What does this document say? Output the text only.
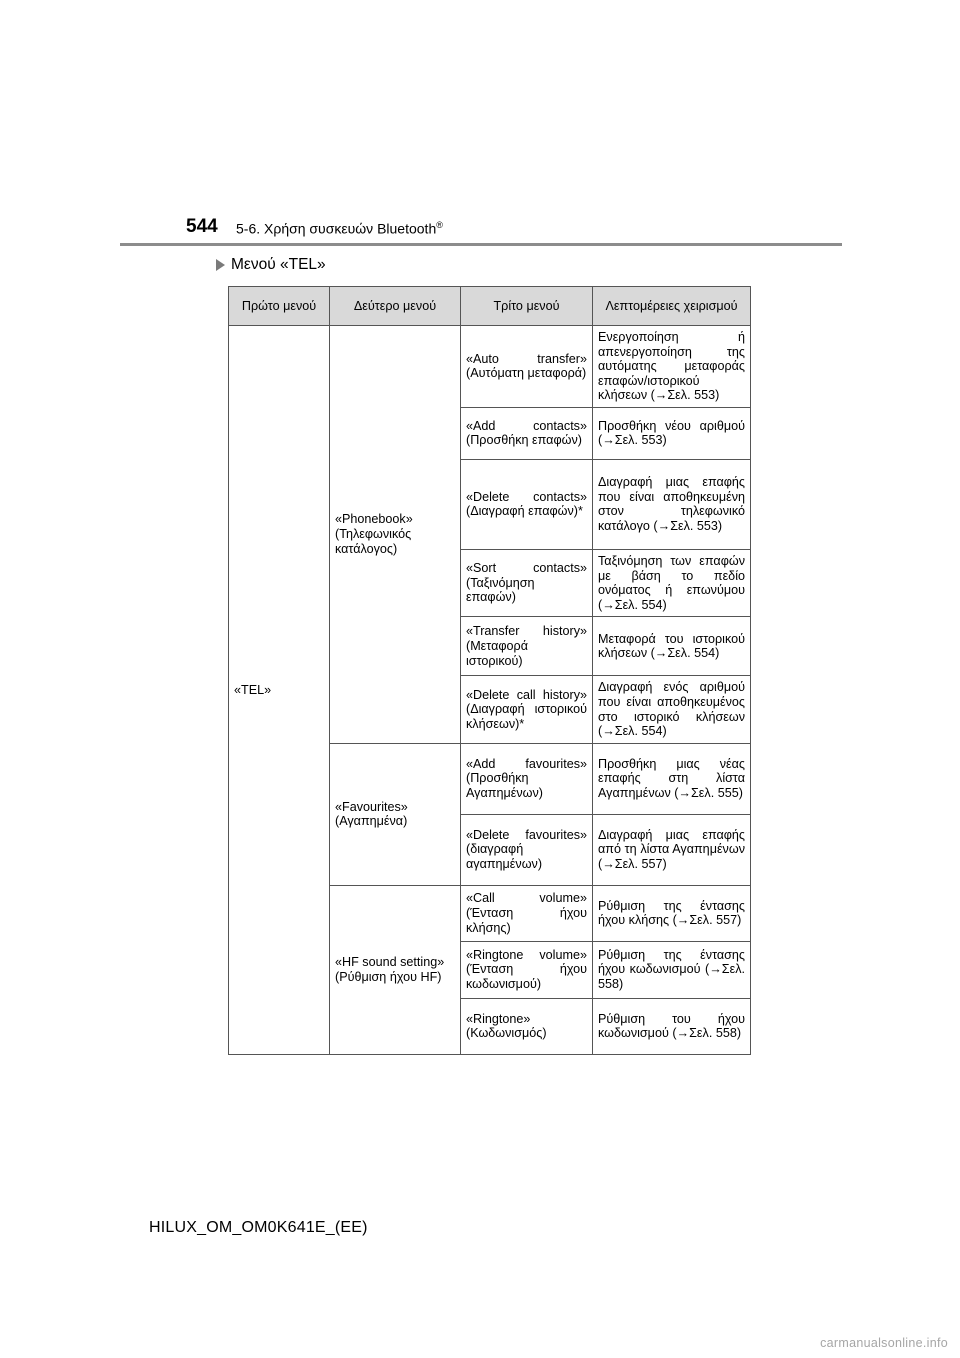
544 5-6. Χρήση συσκευών Bluetooth®
Μενού «TEL»
Πρώτο μενού	Δεύτερο μενού	Τρίτο μενού	Λεπτομέρειες χειρισμού
«TEL»	«Phonebook» (Τηλεφωνικός κατάλογος)	«Auto transfer» (Αυτόματη μεταφορά)	Ενεργοποίηση ή απενεργοποίηση της αυτόματης μεταφοράς επαφών/ιστορικού κλήσεων (→Σελ. 553)
		«Add contacts» (Προσθήκη επαφών)	Προσθήκη νέου αριθμού (→Σελ. 553)
		«Delete contacts» (Διαγραφή επαφών)*	Διαγραφή μιας επαφής που είναι αποθηκευμένη στον τηλεφωνικό κατάλογο (→Σελ. 553)
		«Sort contacts» (Ταξινόμηση επαφών)	Ταξινόμηση των επαφών με βάση το πεδίο ονόματος ή επωνύμου (→Σελ. 554)
		«Transfer history» (Μεταφορά ιστορικού)	Μεταφορά του ιστορικού κλήσεων (→Σελ. 554)
		«Delete call history» (Διαγραφή ιστορικού κλήσεων)*	Διαγραφή ενός αριθμού που είναι αποθηκευμένος στο ιστορικό κλήσεων (→Σελ. 554)
	«Favourites» (Αγαπημένα)	«Add favourites» (Προσθήκη Αγαπημένων)	Προσθήκη μιας νέας επαφής στη λίστα Αγαπημένων (→Σελ. 555)
		«Delete favourites» (διαγραφή αγαπημένων)	Διαγραφή μιας επαφής από τη λίστα Αγαπημένων (→Σελ. 557)
	«HF sound setting» (Ρύθμιση ήχου HF)	«Call volume» (Ένταση ήχου κλήσης)	Ρύθμιση της έντασης ήχου κλήσης (→Σελ. 557)
		«Ringtone volume» (Ένταση ήχου κωδωνισμού)	Ρύθμιση της έντασης ήχου κωδωνισμού (→Σελ. 558)
		«Ringtone» (Κωδωνισμός)	Ρύθμιση του ήχου κωδωνισμού (→Σελ. 558)
HILUX_OM_OM0K641E_(EE)
carmanualsonline.info
